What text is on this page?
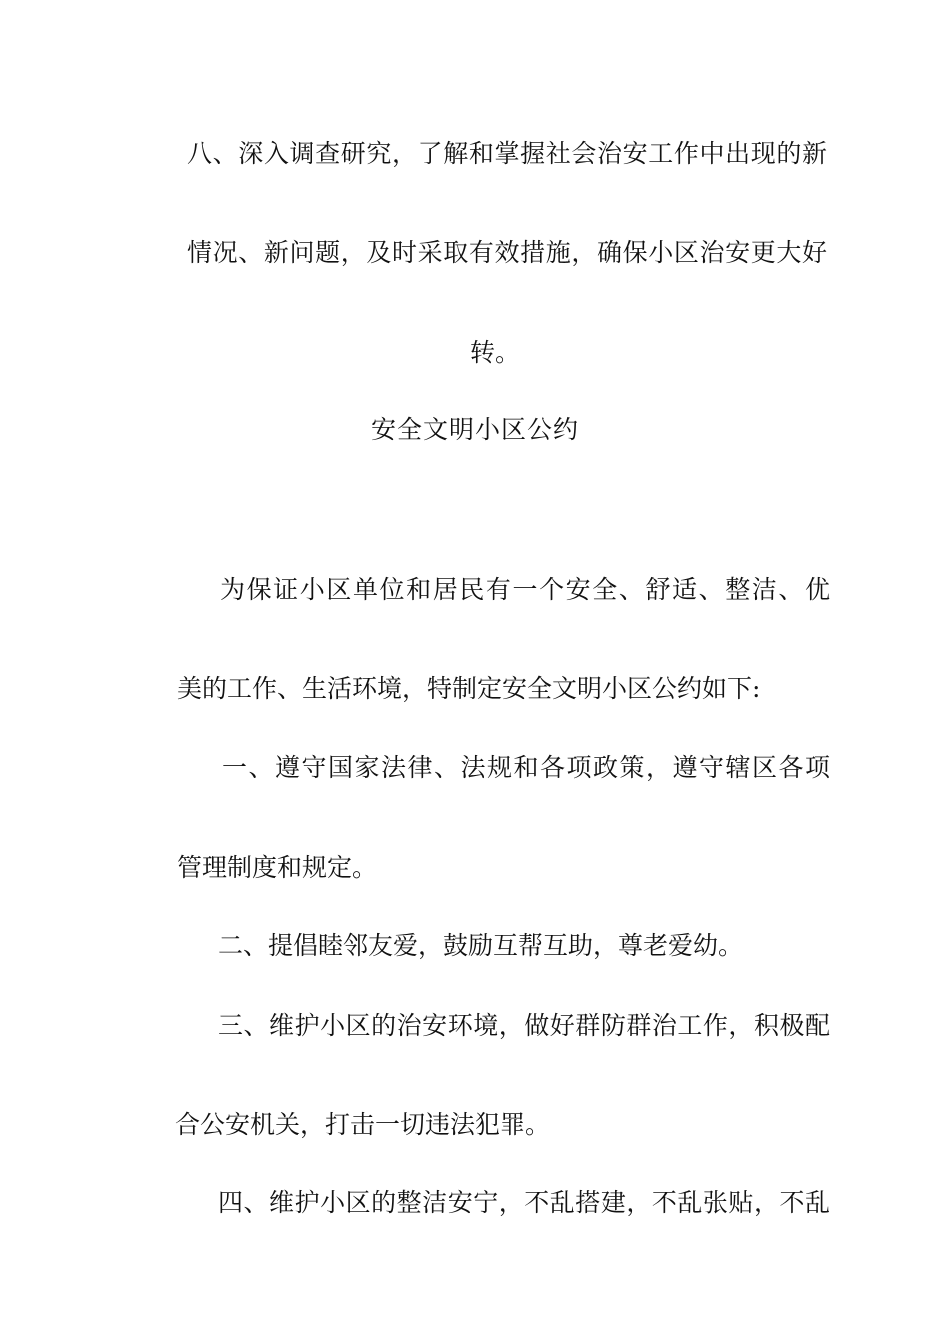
八、深入调查研究，了解和掌握社会治安工作中出现的新
情况、新问题，及时采取有效措施，确保小区治安更大好
转。
安全文明小区公约
为保证小区单位和居民有一个安全、舒适、整洁、优
美的工作、生活环境，特制定安全文明小区公约如下:
一、遵守国家法律、法规和各项政策，遵守辖区各项
管理制度和规定。
二、提倡睦邻友爱，鼓励互帮互助，尊老爱幼。
三、维护小区的治安环境，做好群防群治工作，积极配
合公安机关，打击一切违法犯罪。
四、维护小区的整洁安宁，不乱搭建，不乱张贴，不乱
